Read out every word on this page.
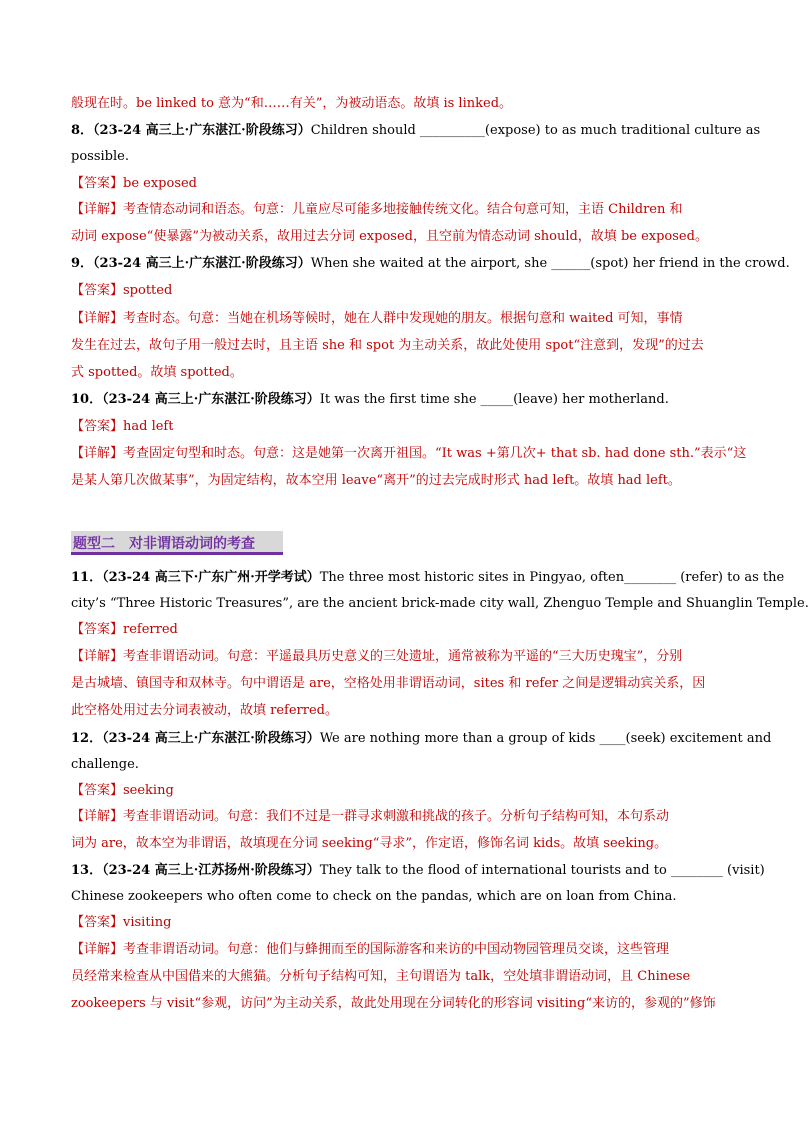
般现在时。be linked to 意为“和……有关”，为被动语态。故填 is linked。
8．（23-24 高三上·广东湛江·阶段练习）Children should __________(expose) to as much traditional culture as
possible.
【答案】be exposed
【详解】考查情态动词和语态。句意：儿童应尽可能多地接触传统文化。结合句意可知，主语 Children 和
动词 expose“使暴露”为被动关系，故用过去分词 exposed，且空前为情态动词 should，故填 be exposed。
9．（23-24 高三上·广东湛江·阶段练习）When she waited at the airport, she ______(spot) her friend in the crowd.
【答案】spotted
【详解】考查时态。句意：当她在机场等候时，她在人群中发现她的朋友。根据句意和 waited 可知，事情
发生在过去，故句子用一般过去时，且主语 she 和 spot 为主动关系，故此处使用 spot“注意到，发现”的过去
式 spotted。故填 spotted。
10．（23-24 高三上·广东湛江·阶段练习）It was the first time she _____(leave) her motherland.
【答案】had left
【详解】考查固定句型和时态。句意：这是她第一次离开祖国。“It was +第几次+ that sb. had done sth.”表示“这
是某人第几次做某事”，为固定结构，故本空用 leave“离开”的过去完成时形式 had left。故填 had left。
题型二　对非谓语动词的考查
11．（23-24 高三下·广东广州·开学考试）The three most historic sites in Pingyao, often________ (refer) to as the
city’s “Three Historic Treasures”, are the ancient brick-made city wall, Zhenguo Temple and Shuanglin Temple.
【答案】referred
【详解】考查非谓语动词。句意：平遥最具历史意义的三处遗址，通常被称为平遥的“三大历史瑰宝”，分别
是古城墙、镇国寺和双林寺。句中谓语是 are，空格处用非谓语动词，sites 和 refer 之间是逻辑动宾关系，因
此空格处用过去分词表被动，故填 referred。
12．（23-24 高三上·广东湛江·阶段练习）We are nothing more than a group of kids ____(seek) excitement and
challenge.
【答案】seeking
【详解】考查非谓语动词。句意：我们不过是一群寻求刺激和挑战的孩子。分析句子结构可知，本句系动
词为 are，故本空为非谓语，故填现在分词 seeking“寻求”，作定语，修饰名词 kids。故填 seeking。
13．（23-24 高三上·江苏扬州·阶段练习）They talk to the flood of international tourists and to ________ (visit)
Chinese zookeepers who often come to check on the pandas, which are on loan from China.
【答案】visiting
【详解】考查非谓语动词。句意：他们与蜂拥而至的国际游客和来访的中国动物园管理员交谈，这些管理
员经常来检查从中国借来的大熊猫。分析句子结构可知，主句谓语为 talk，空处填非谓语动词，且 Chinese
zookeepers 与 visit“参观，访问”为主动关系，故此处用现在分词转化的形容词 visiting“来访的，参观的”修饰
